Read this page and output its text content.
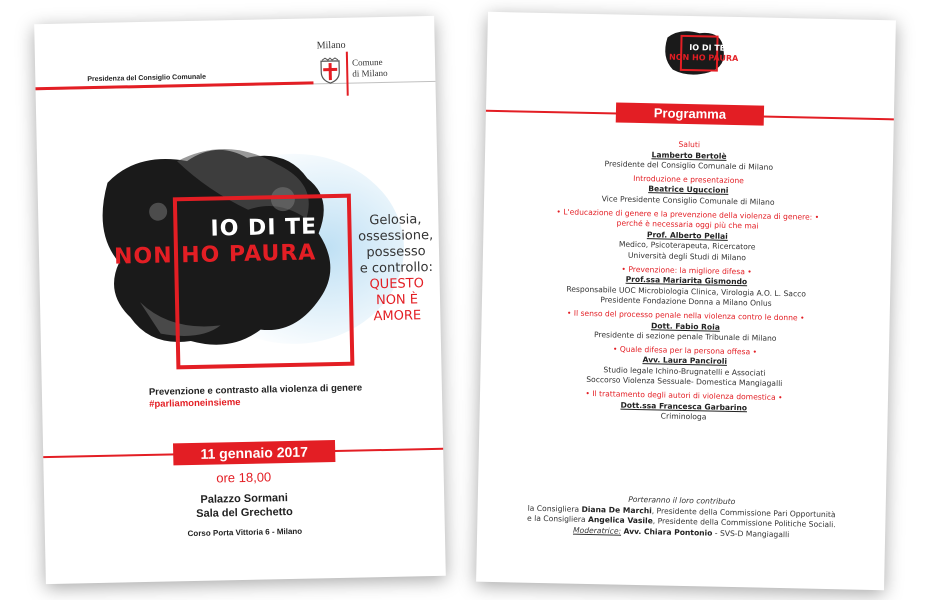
Presidenza del Consiglio Comunale
Milano
Comune
di Milano
IO DI TE
NON HO PAURA
Gelosia,
ossessione,
possesso
e controllo:
QUESTO
NON È
AMORE
Prevenzione e contrasto alla violenza di genere
#parliamoneinsieme
11 gennaio 2017
ore 18,00
Palazzo Sormani
Sala del Grechetto
Corso Porta Vittoria 6 - Milano
IO DI TE
NON HO PAURA
Programma
Saluti
Lamberto Bertolè
Presidente del Consiglio Comunale di Milano
Introduzione e presentazione
Beatrice Uguccioni
Vice Presidente Consiglio Comunale di Milano
• L'educazione di genere e la prevenzione della violenza di genere: •
perché è necessaria oggi più che mai
Prof. Alberto Pellai
Medico, Psicoterapeuta, Ricercatore
Università degli Studi di Milano
• Prevenzione: la migliore difesa •
Prof.ssa Mariarita Gismondo
Responsabile UOC Microbiologia Clinica, Virologia A.O. L. Sacco
Presidente Fondazione Donna a Milano Onlus
• Il senso del processo penale nella violenza contro le donne •
Dott. Fabio Roia
Presidente di sezione penale Tribunale di Milano
• Quale difesa per la persona offesa •
Avv. Laura Panciroli
Studio legale Ichino-Brugnatelli e Associati
Soccorso Violenza Sessuale- Domestica Mangiagalli
• Il trattamento degli autori di violenza domestica •
Dott.ssa Francesca Garbarino
Criminologa
Porteranno il loro contributo
la Consigliera Diana De Marchi, Presidente della Commissione Pari Opportunità
e la Consigliera Angelica Vasile, Presidente della Commissione Politiche Sociali.
Moderatrice: Avv. Chiara Pontonio - SVS-D Mangiagalli
